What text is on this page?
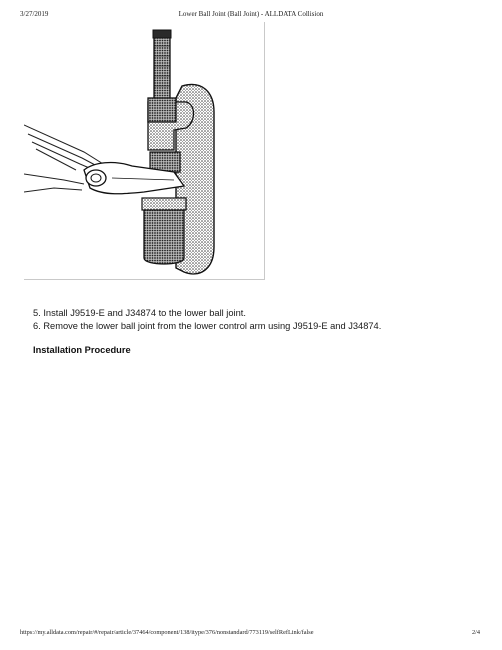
Lower Ball Joint (Ball Joint) - ALLDATA Collision
3/27/2019
5. Install J9519-E and J34874 to the lower ball joint.
6. Remove the lower ball joint from the lower control arm using J9519-E and J34874.
Installation Procedure
https://my.alldata.com/repair/#/repair/article/37464/component/138/itype/376/nonstandard/773119/selfRefLink/false	2/4
